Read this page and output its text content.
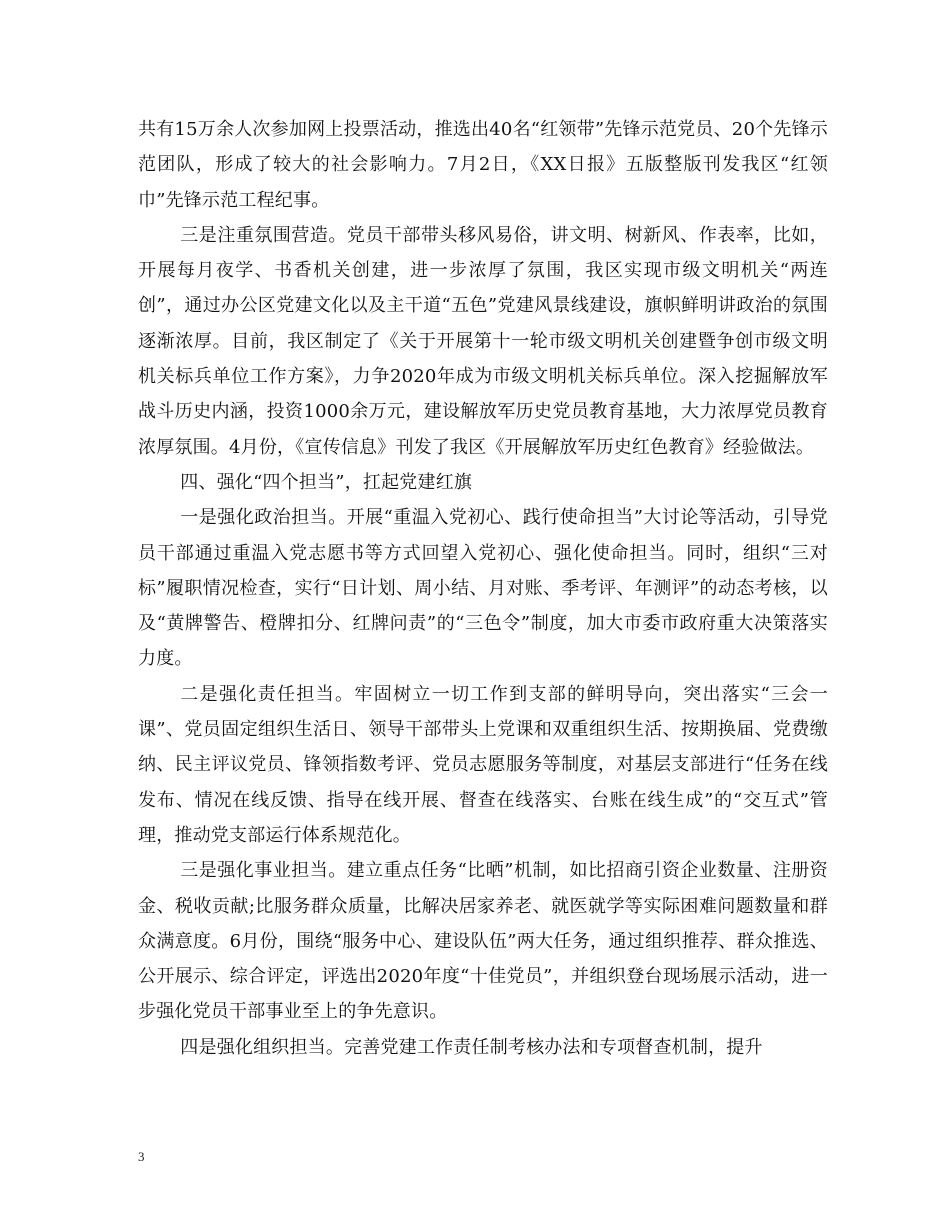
共有15万余人次参加网上投票活动，推选出40名“红领带”先锋示范党员、20个先锋示范团队，形成了较大的社会影响力。7月2日，《XX日报》五版整版刊发我区“红领巾”先锋示范工程纪事。

三是注重氛围营造。党员干部带头移风易俗，讲文明、树新风、作表率，比如，开展每月夜学、书香机关创建，进一步浓厚了氛围，我区实现市级文明机关“两连创”，通过办公区党建文化以及主干道“五色”党建风景线建设，旗帜鲜明讲政治的氛围逐渐浓厚。目前，我区制定了《关于开展第十一轮市级文明机关创建暨争创市级文明机关标兵单位工作方案》，力争2020年成为市级文明机关标兵单位。深入挖掘解放军战斗历史内涵，投资1000余万元，建设解放军历史党员教育基地，大力浓厚党员教育浓厚氛围。4月份，《宣传信息》刊发了我区《开展解放军历史红色教育》经验做法。

四、强化“四个担当”，扛起党建红旗

一是强化政治担当。开展“重温入党初心、践行使命担当”大讨论等活动，引导党员干部通过重温入党志愿书等方式回望入党初心、强化使命担当。同时，组织“三对标”履职情况检查，实行“日计划、周小结、月对账、季考评、年测评”的动态考核，以及“黄牌警告、橙牌扣分、红牌问责”的“三色令”制度，加大市委市政府重大决策落实力度。

二是强化责任担当。牢固树立一切工作到支部的鲜明导向，突出落实“三会一课”、党员固定组织生活日、领导干部带头上党课和双重组织生活、按期换届、党费缴纳、民主评议党员、锋领指数考评、党员志愿服务等制度，对基层支部进行“任务在线发布、情况在线反馈、指导在线开展、督查在线落实、台账在线生成”的“交互式”管理，推动党支部运行体系规范化。

三是强化事业担当。建立重点任务“比晒”机制，如比招商引资企业数量、注册资金、税收贡献;比服务群众质量，比解决居家养老、就医就学等实际困难问题数量和群众满意度。6月份，围绕“服务中心、建设队伍”两大任务，通过组织推荐、群众推选、公开展示、综合评定，评选出2020年度“十佳党员”，并组织登台现场展示活动，进一步强化党员干部事业至上的争先意识。

四是强化组织担当。完善党建工作责任制考核办法和专项督查机制，提升

3
